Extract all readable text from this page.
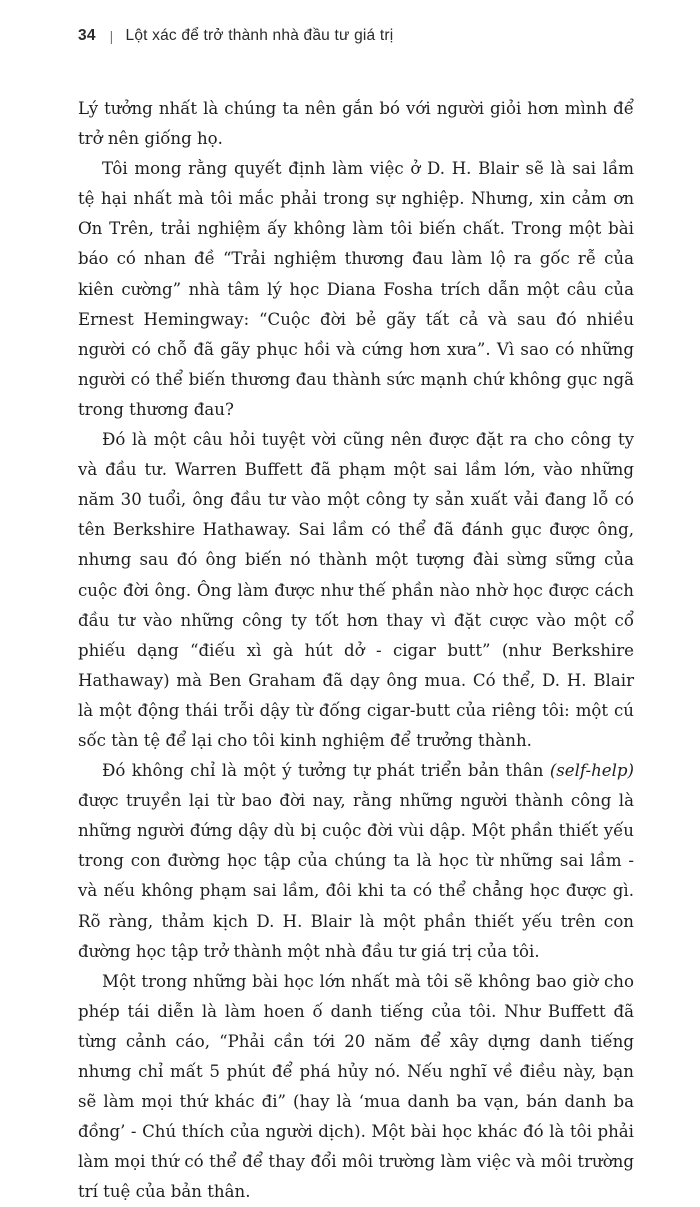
34 | Lột xác để trở thành nhà đầu tư giá trị

Lý tưởng nhất là chúng ta nên gắn bó với người giỏi hơn mình để trở nên giống họ.

Tôi mong rằng quyết định làm việc ở D. H. Blair sẽ là sai lầm tệ hại nhất mà tôi mắc phải trong sự nghiệp. Nhưng, xin cảm ơn Ơn Trên, trải nghiệm ấy không làm tôi biến chất. Trong một bài báo có nhan đề “Trải nghiệm thương đau làm lộ ra gốc rễ của kiên cường” nhà tâm lý học Diana Fosha trích dẫn một câu của Ernest Hemingway: “Cuộc đời bẻ gãy tất cả và sau đó nhiều người có chỗ đã gãy phục hồi và cứng hơn xưa”. Vì sao có những người có thể biến thương đau thành sức mạnh chứ không gục ngã trong thương đau?

Đó là một câu hỏi tuyệt vời cũng nên được đặt ra cho công ty và đầu tư. Warren Buffett đã phạm một sai lầm lớn, vào những năm 30 tuổi, ông đầu tư vào một công ty sản xuất vải đang lỗ có tên Berkshire Hathaway. Sai lầm có thể đã đánh gục được ông, nhưng sau đó ông biến nó thành một tượng đài sừng sững của cuộc đời ông. Ông làm được như thế phần nào nhờ học được cách đầu tư vào những công ty tốt hơn thay vì đặt cược vào một cổ phiếu dạng “điếu xì gà hút dở - cigar butt” (như Berkshire Hathaway) mà Ben Graham đã dạy ông mua. Có thể, D. H. Blair là một động thái trỗi dậy từ đống cigar-butt của riêng tôi: một cú sốc tàn tệ để lại cho tôi kinh nghiệm để trưởng thành.

Đó không chỉ là một ý tưởng tự phát triển bản thân (self-help) được truyền lại từ bao đời nay, rằng những người thành công là những người đứng dậy dù bị cuộc đời vùi dập. Một phần thiết yếu trong con đường học tập của chúng ta là học từ những sai lầm - và nếu không phạm sai lầm, đôi khi ta có thể chẳng học được gì. Rõ ràng, thảm kịch D. H. Blair là một phần thiết yếu trên con đường học tập trở thành một nhà đầu tư giá trị của tôi.

Một trong những bài học lớn nhất mà tôi sẽ không bao giờ cho phép tái diễn là làm hoen ố danh tiếng của tôi. Như Buffett đã từng cảnh cáo, “Phải cần tới 20 năm để xây dựng danh tiếng nhưng chỉ mất 5 phút để phá hủy nó. Nếu nghĩ về điều này, bạn sẽ làm mọi thứ khác đi” (hay là ‘mua danh ba vạn, bán danh ba đồng’ - Chú thích của người dịch). Một bài học khác đó là tôi phải làm mọi thứ có thể để thay đổi môi trường làm việc và môi trường trí tuệ của bản thân.
